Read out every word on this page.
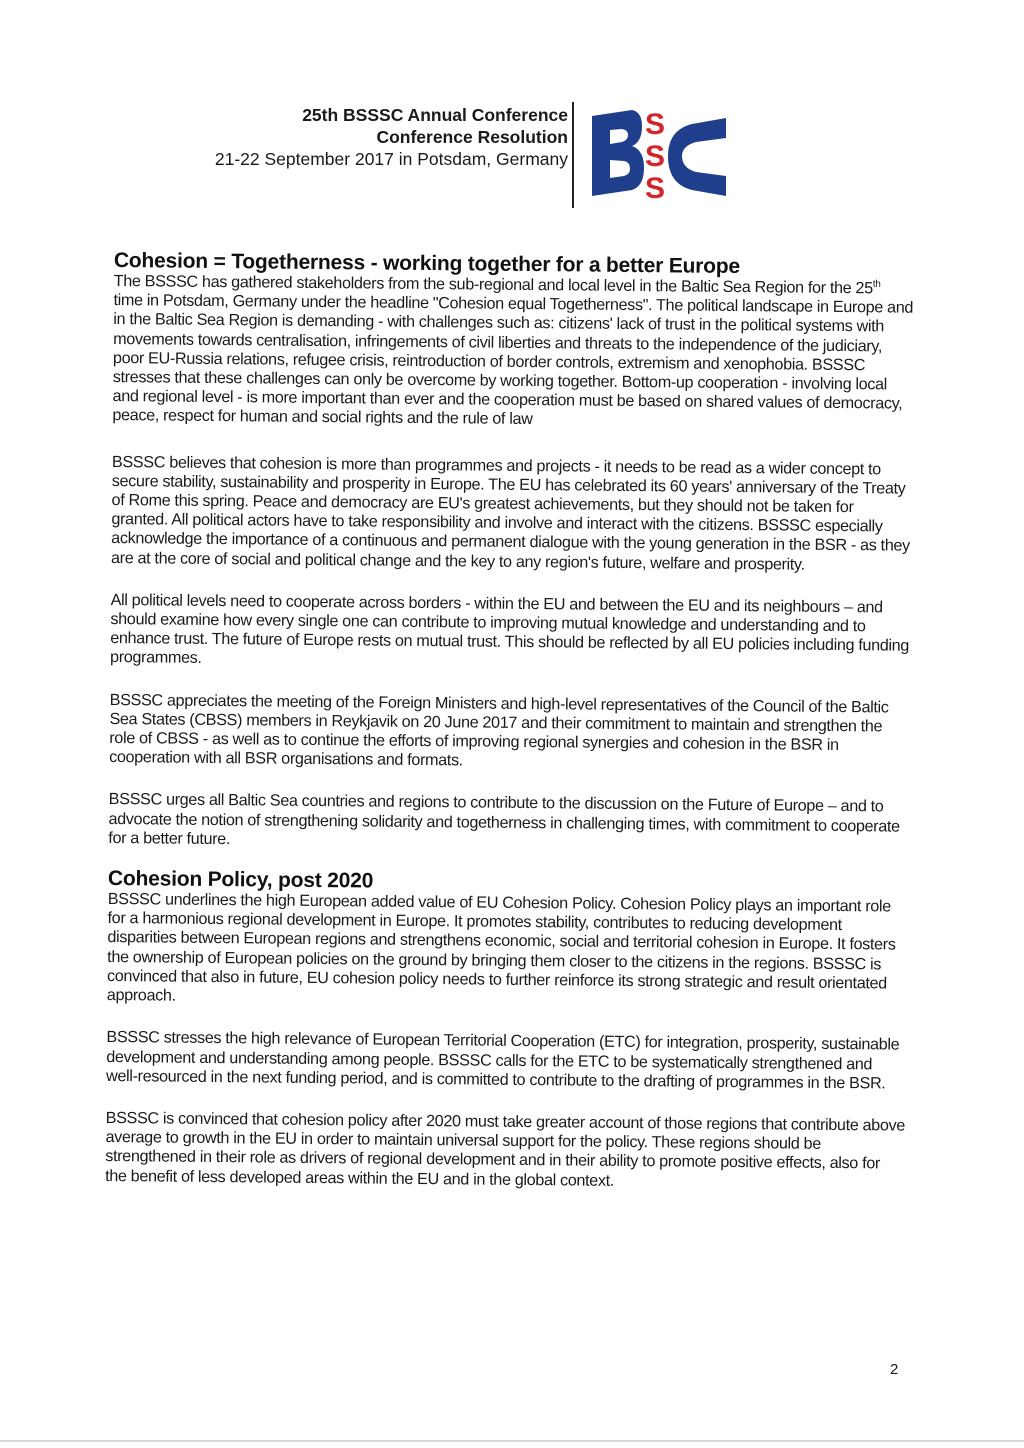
25th BSSSC Annual Conference
Conference Resolution
21-22 September 2017 in Potsdam, Germany
S
S
S
Cohesion = Togetherness - working together for a better Europe

The BSSSC has gathered stakeholders from the sub-regional and local level in the Baltic Sea Region for the 25th time in Potsdam, Germany under the headline "Cohesion equal Togetherness". The political landscape in Europe and in the Baltic Sea Region is demanding - with challenges such as: citizens' lack of trust in the political systems with movements towards centralisation, infringements of civil liberties and threats to the independence of the judiciary, poor EU-Russia relations, refugee crisis, reintroduction of border controls, extremism and xenophobia. BSSSC stresses that these challenges can only be overcome by working together. Bottom-up cooperation - involving local and regional level - is more important than ever and the cooperation must be based on shared values of democracy, peace, respect for human and social rights and the rule of law

BSSSC believes that cohesion is more than programmes and projects - it needs to be read as a wider concept to secure stability, sustainability and prosperity in Europe. The EU has celebrated its 60 years' anniversary of the Treaty of Rome this spring. Peace and democracy are EU's greatest achievements, but they should not be taken for granted. All political actors have to take responsibility and involve and interact with the citizens. BSSSC especially acknowledge the importance of a continuous and permanent dialogue with the young generation in the BSR - as they are at the core of social and political change and the key to any region's future, welfare and prosperity.

All political levels need to cooperate across borders - within the EU and between the EU and its neighbours – and should examine how every single one can contribute to improving mutual knowledge and understanding and to enhance trust. The future of Europe rests on mutual trust. This should be reflected by all EU policies including funding programmes.

BSSSC appreciates the meeting of the Foreign Ministers and high-level representatives of the Council of the Baltic Sea States (CBSS) members in Reykjavik on 20 June 2017 and their commitment to maintain and strengthen the role of CBSS - as well as to continue the efforts of improving regional synergies and cohesion in the BSR in cooperation with all BSR organisations and formats.

BSSSC urges all Baltic Sea countries and regions to contribute to the discussion on the Future of Europe – and to advocate the notion of strengthening solidarity and togetherness in challenging times, with commitment to cooperate for a better future.

Cohesion Policy, post 2020

BSSSC underlines the high European added value of EU Cohesion Policy. Cohesion Policy plays an important role for a harmonious regional development in Europe. It promotes stability, contributes to reducing development disparities between European regions and strengthens economic, social and territorial cohesion in Europe. It fosters the ownership of European policies on the ground by bringing them closer to the citizens in the regions. BSSSC is convinced that also in future, EU cohesion policy needs to further reinforce its strong strategic and result orientated approach.

BSSSC stresses the high relevance of European Territorial Cooperation (ETC) for integration, prosperity, sustainable development and understanding among people. BSSSC calls for the ETC to be systematically strengthened and well-resourced in the next funding period, and is committed to contribute to the drafting of programmes in the BSR.

BSSSC is convinced that cohesion policy after 2020 must take greater account of those regions that contribute above average to growth in the EU in order to maintain universal support for the policy. These regions should be strengthened in their role as drivers of regional development and in their ability to promote positive effects, also for the benefit of less developed areas within the EU and in the global context.

2
